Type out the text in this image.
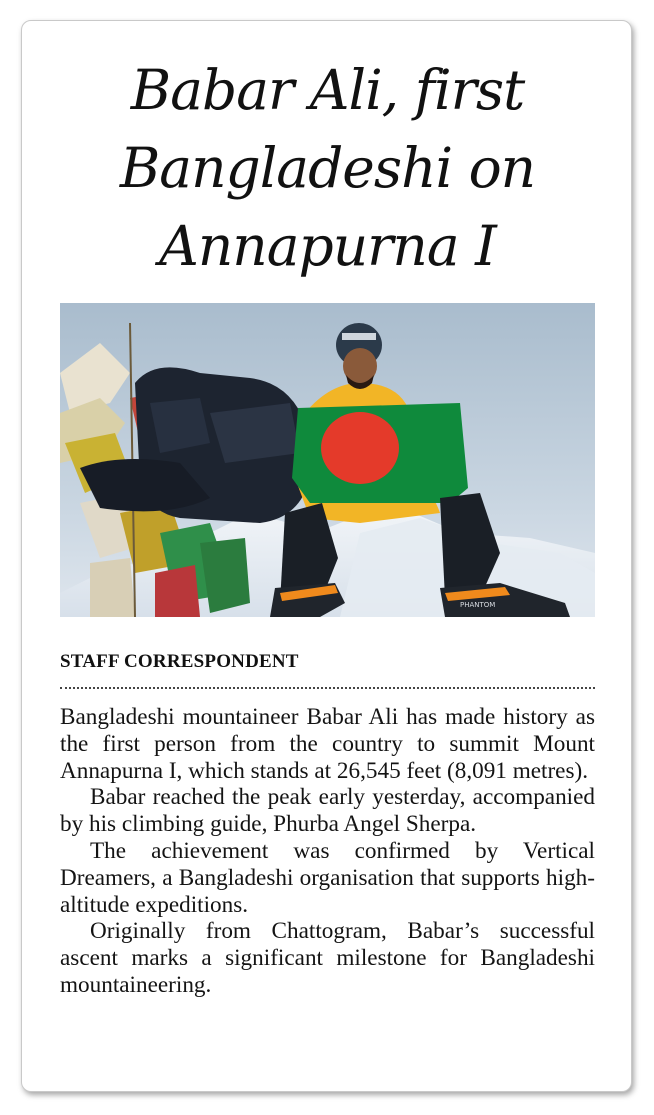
Babar Ali, first
Bangladeshi on
Annapurna I
PHANTOM

STAFF CORRESPONDENT

Bangladeshi mountaineer Babar Ali has made history as the first person from the country to summit Mount Annapurna I, which stands at 26,545 feet (8,091 metres).

Babar reached the peak early yesterday, accompanied by his climbing guide, Phurba Angel Sherpa.

The achievement was confirmed by Vertical Dreamers, a Bangladeshi organisation that supports high-altitude expeditions.

Originally from Chattogram, Babar’s successful ascent marks a significant milestone for Bangladeshi mountaineering.
